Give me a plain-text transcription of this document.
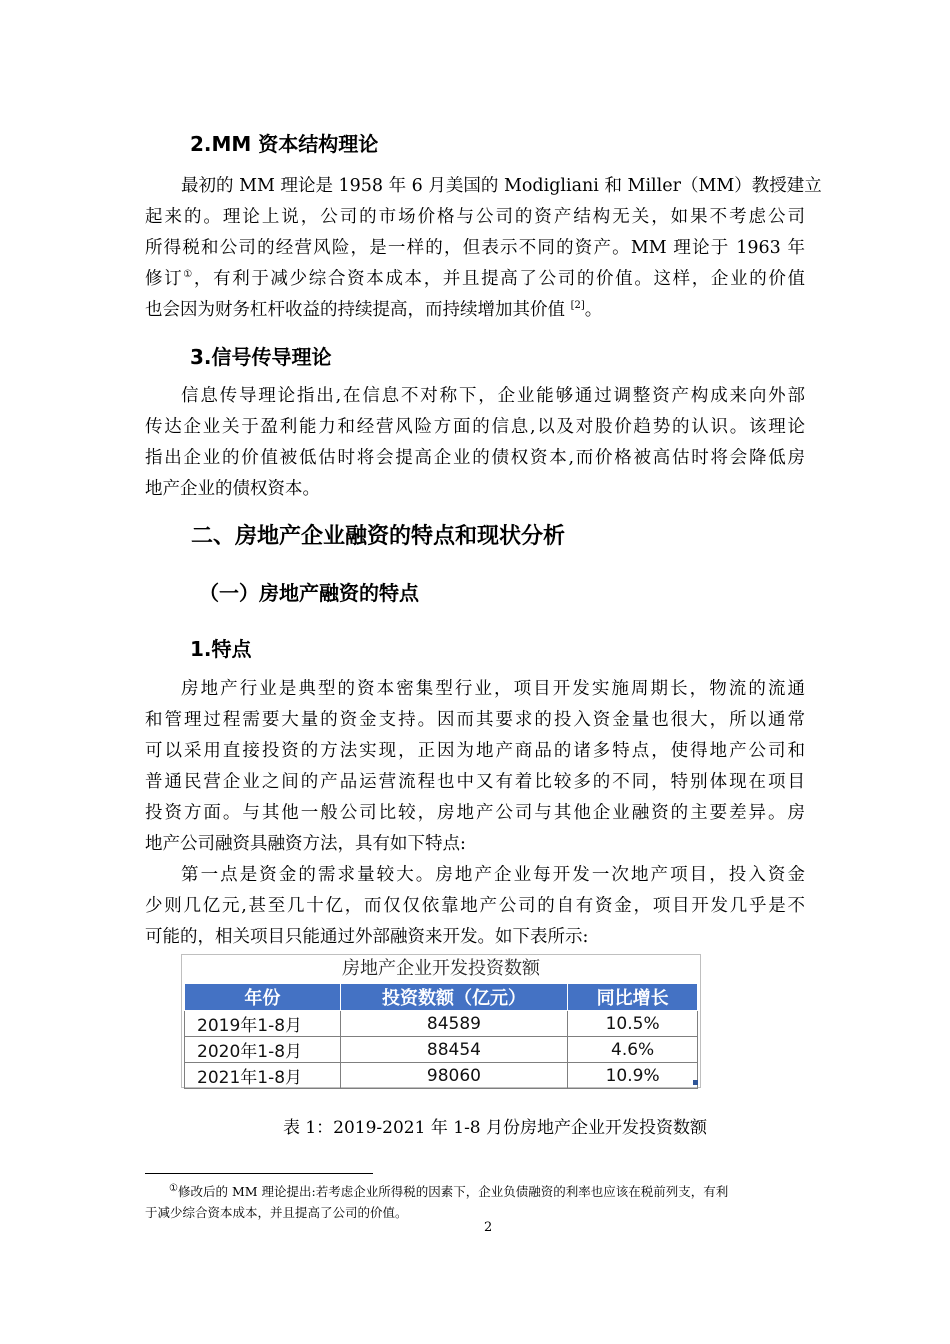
2.MM 资本结构理论
最初的 MM 理论是 1958 年 6 月美国的 Modigliani 和 Miller（MM）教授建立
起来的。理论上说，公司的市场价格与公司的资产结构无关，如果不考虑公司
所得税和公司的经营风险，是一样的，但表示不同的资产。MM 理论于 1963 年
修订①，有利于减少综合资本成本，并且提高了公司的价值。这样，企业的价值
也会因为财务杠杆收益的持续提高，而持续增加其价值 [2]。
3.信号传导理论
信息传导理论指出,在信息不对称下，企业能够通过调整资产构成来向外部
传达企业关于盈利能力和经营风险方面的信息,以及对股价趋势的认识。该理论
指出企业的价值被低估时将会提高企业的债权资本,而价格被高估时将会降低房
地产企业的债权资本。
二、房地产企业融资的特点和现状分析
（一）房地产融资的特点
1.特点
房地产行业是典型的资本密集型行业，项目开发实施周期长，物流的流通
和管理过程需要大量的资金支持。因而其要求的投入资金量也很大，所以通常
可以采用直接投资的方法实现，正因为地产商品的诸多特点，使得地产公司和
普通民营企业之间的产品运营流程也中又有着比较多的不同，特别体现在项目
投资方面。与其他一般公司比较，房地产公司与其他企业融资的主要差异。房
地产公司融资具融资方法，具有如下特点:
第一点是资金的需求量较大。房地产企业每开发一次地产项目，投入资金
少则几亿元,甚至几十亿，而仅仅依靠地产公司的自有资金，项目开发几乎是不
可能的，相关项目只能通过外部融资来开发。如下表所示:
房地产企业开发投资数额
年份	投资数额（亿元）	同比增长
2019年1-8月	84589	10.5%
2020年1-8月	88454	4.6%
2021年1-8月	98060	10.9%
表 1：2019-2021 年 1-8 月份房地产企业开发投资数额
①修改后的 MM 理论提出:若考虑企业所得税的因素下，企业负债融资的利率也应该在税前列支，有利
于减少综合资本成本，并且提高了公司的价值。
2
